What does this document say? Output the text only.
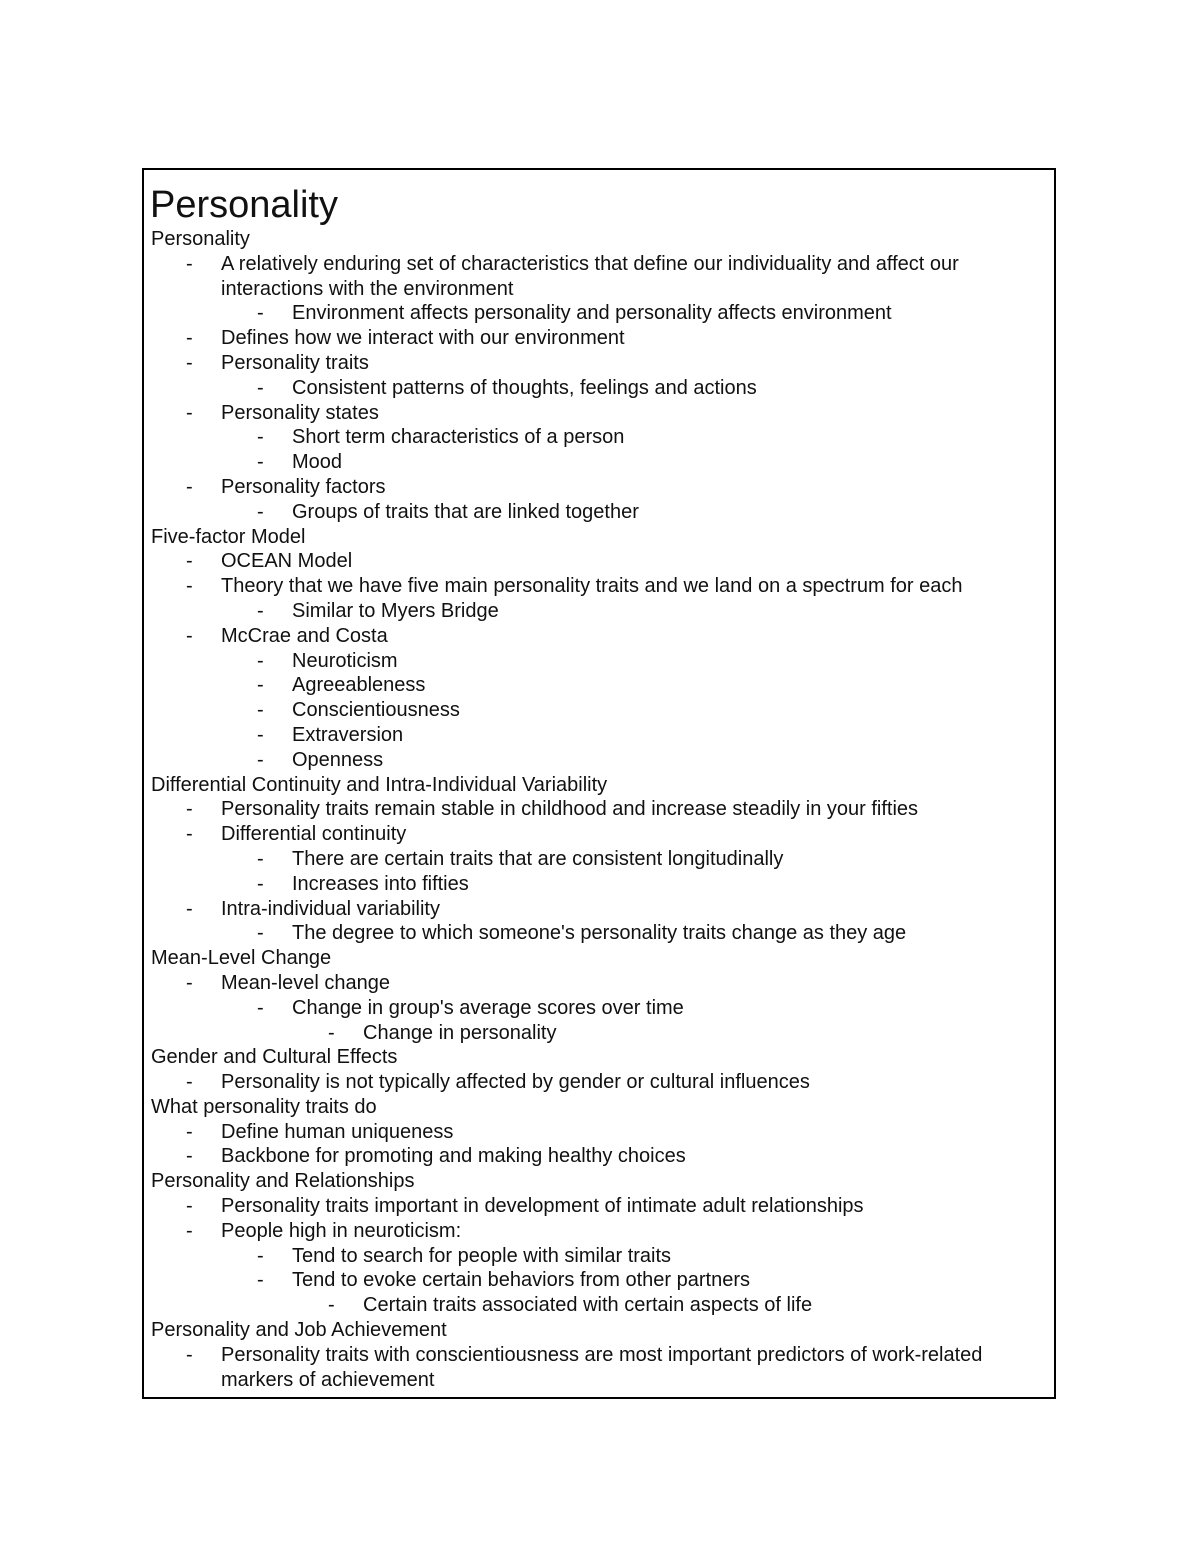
Personality
Personality
- A relatively enduring set of characteristics that define our individuality and affect our
interactions with the environment
- Environment affects personality and personality affects environment
- Defines how we interact with our environment
- Personality traits
- Consistent patterns of thoughts, feelings and actions
- Personality states
- Short term characteristics of a person
- Mood
- Personality factors
- Groups of traits that are linked together
Five-factor Model
- OCEAN Model
- Theory that we have five main personality traits and we land on a spectrum for each
- Similar to Myers Bridge
- McCrae and Costa
- Neuroticism
- Agreeableness
- Conscientiousness
- Extraversion
- Openness
Differential Continuity and Intra-Individual Variability
- Personality traits remain stable in childhood and increase steadily in your fifties
- Differential continuity
- There are certain traits that are consistent longitudinally
- Increases into fifties
- Intra-individual variability
- The degree to which someone's personality traits change as they age
Mean-Level Change
- Mean-level change
- Change in group's average scores over time
- Change in personality
Gender and Cultural Effects
- Personality is not typically affected by gender or cultural influences
What personality traits do
- Define human uniqueness
- Backbone for promoting and making healthy choices
Personality and Relationships
- Personality traits important in development of intimate adult relationships
- People high in neuroticism:
- Tend to search for people with similar traits
- Tend to evoke certain behaviors from other partners
- Certain traits associated with certain aspects of life
Personality and Job Achievement
- Personality traits with conscientiousness are most important predictors of work-related
markers of achievement
